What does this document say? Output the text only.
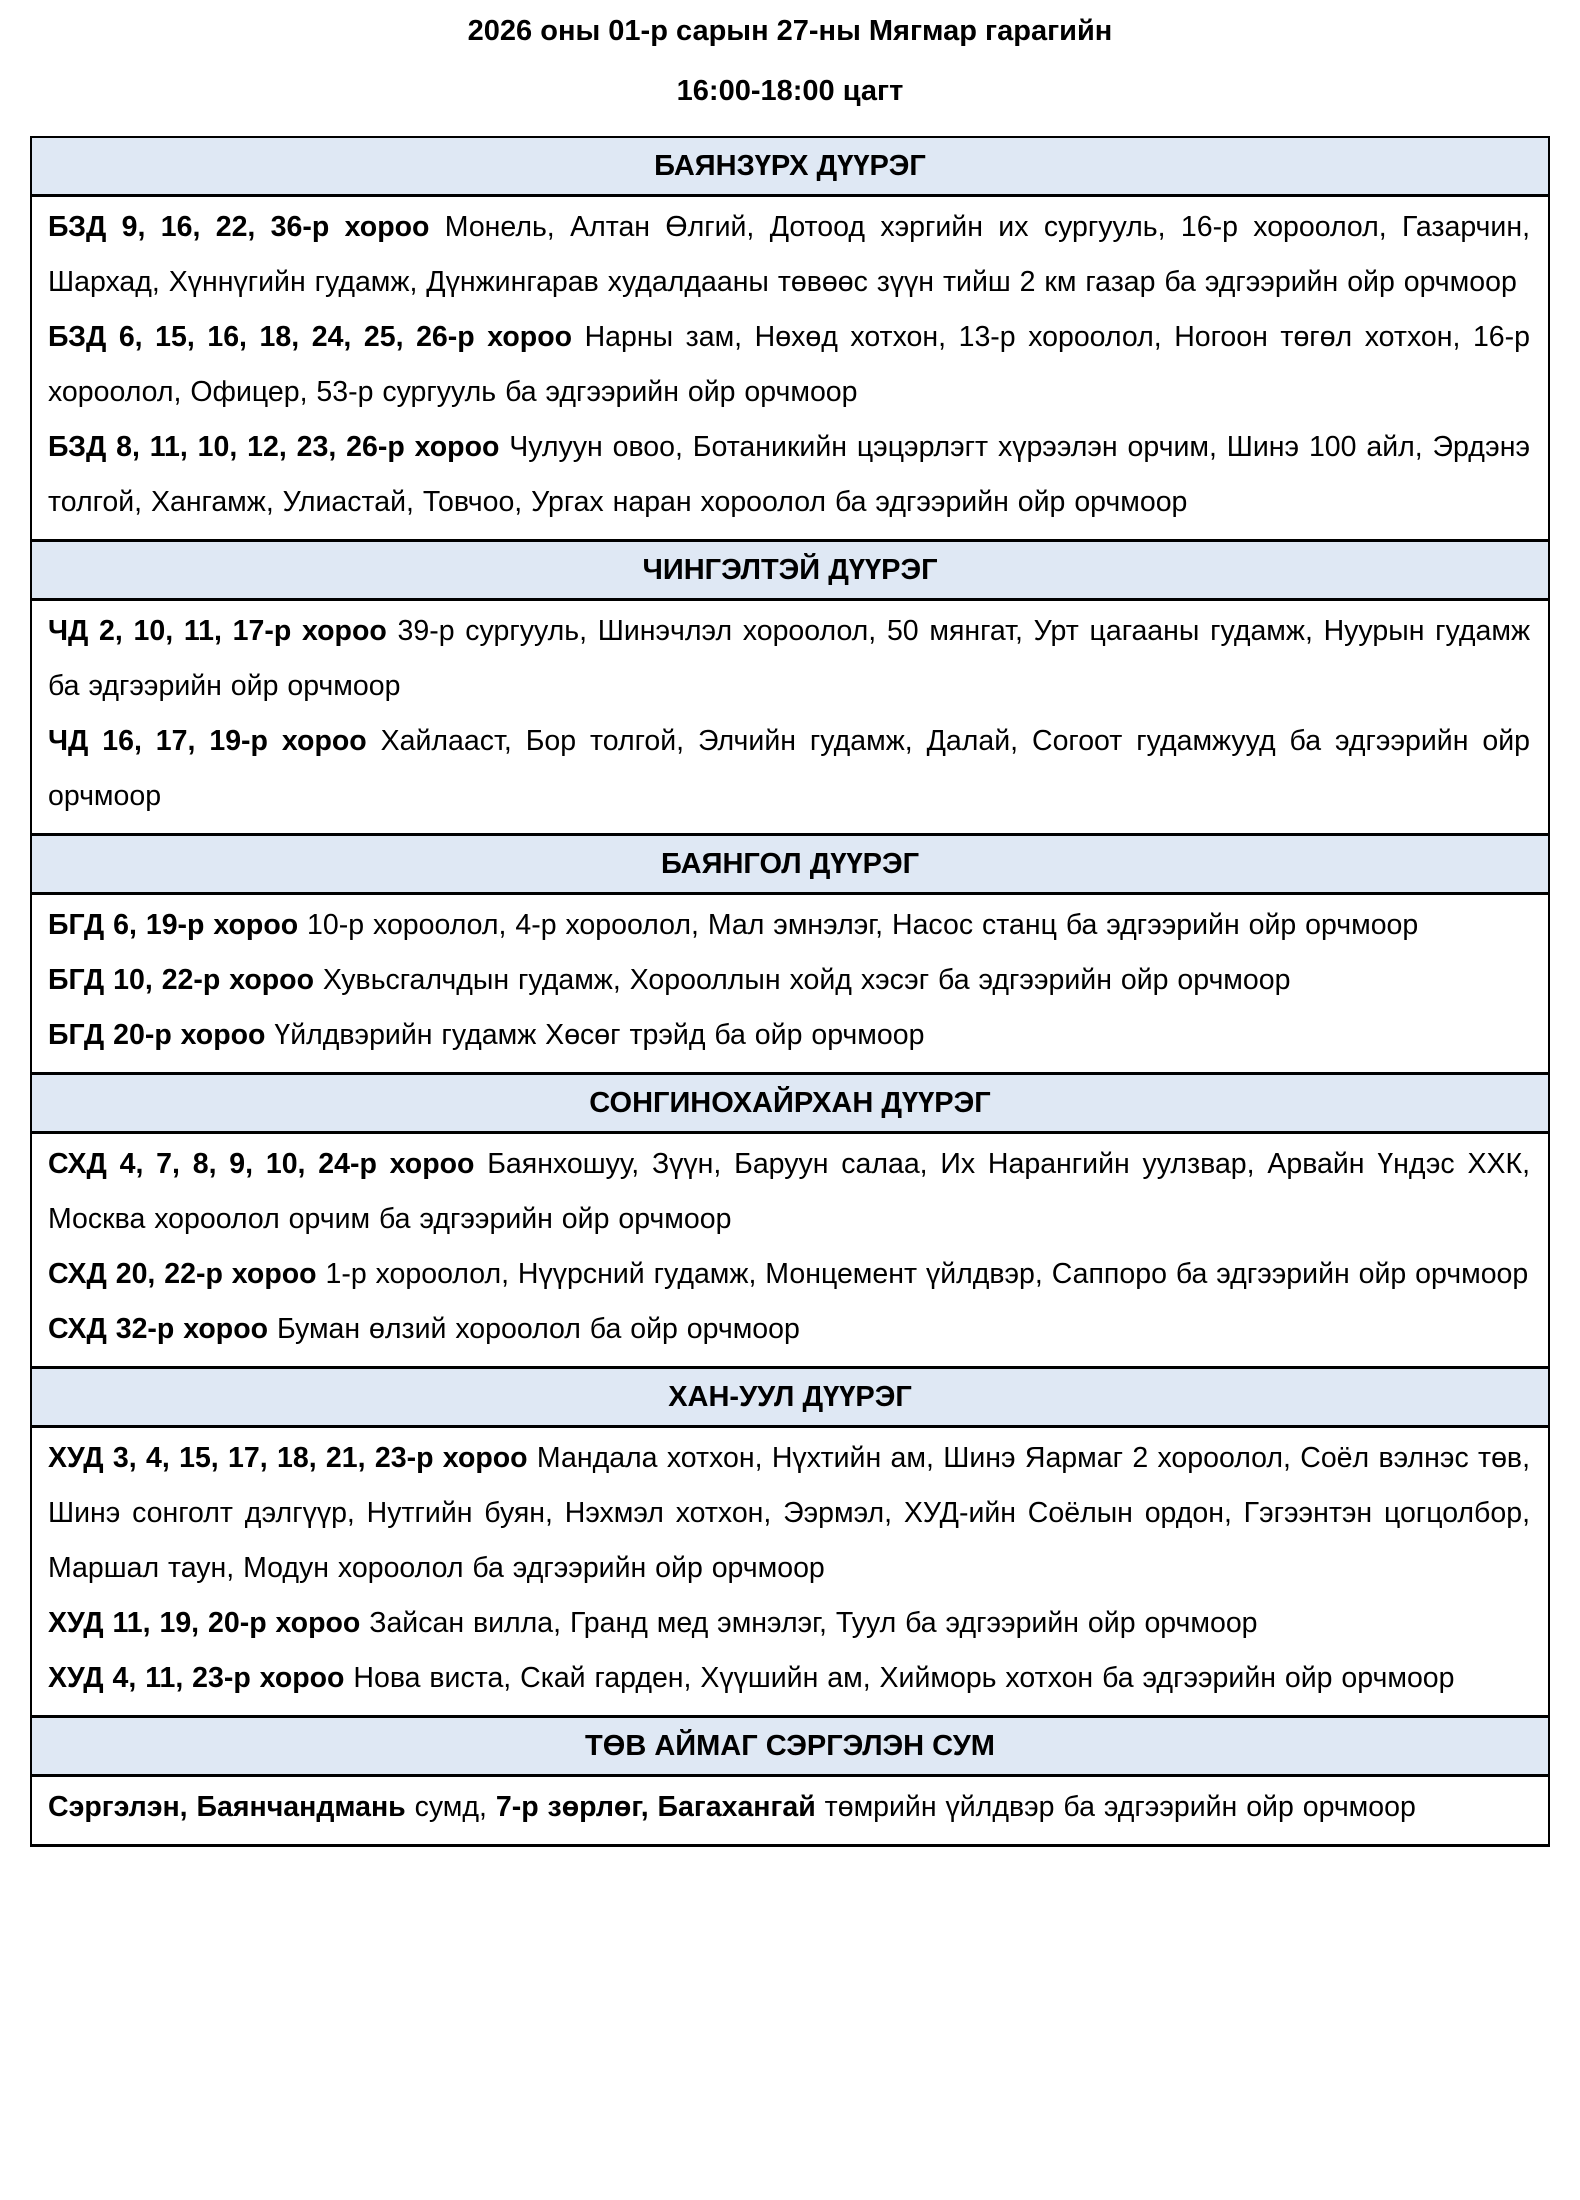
2026 оны 01-р сарын 27-ны Мягмар гарагийн

16:00-18:00 цагт

БАЯНЗҮРХ ДҮҮРЭГ

БЗД 9, 16, 22, 36-р хороо Монель, Алтан Өлгий, Дотоод хэргийн их сургууль, 16-р хороолол, Газарчин, Шархад, Хүннүгийн гудамж, Дүнжингарав худалдааны төвөөс зүүн тийш 2 км газар ба эдгээрийн ойр орчмоор

БЗД 6, 15, 16, 18, 24, 25, 26-р хороо Нарны зам, Нөхөд хотхон, 13-р хороолол, Ногоон төгөл хотхон, 16-р хороолол, Офицер, 53-р сургууль ба эдгээрийн ойр орчмоор

БЗД 8, 11, 10, 12, 23, 26-р хороо Чулуун овоо, Ботаникийн цэцэрлэгт хүрээлэн орчим, Шинэ 100 айл, Эрдэнэ толгой, Хангамж, Улиастай, Товчоо, Ургах наран хороолол ба эдгээрийн ойр орчмоор

ЧИНГЭЛТЭЙ ДҮҮРЭГ

ЧД 2, 10, 11, 17-р хороо 39-р сургууль, Шинэчлэл хороолол, 50 мянгат, Урт цагааны гудамж, Нуурын гудамж ба эдгээрийн ойр орчмоор

ЧД 16, 17, 19-р хороо Хайлааст, Бор толгой, Элчийн гудамж, Далай, Согоот гудамжууд ба эдгээрийн ойр орчмоор

БАЯНГОЛ ДҮҮРЭГ

БГД 6, 19-р хороо 10-р хороолол, 4-р хороолол, Мал эмнэлэг, Насос станц ба эдгээрийн ойр орчмоор

БГД 10, 22-р хороо Хувьсгалчдын гудамж, Хорооллын хойд хэсэг ба эдгээрийн ойр орчмоор

БГД 20-р хороо Үйлдвэрийн гудамж Хөсөг трэйд ба ойр орчмоор

СОНГИНОХАЙРХАН ДҮҮРЭГ

СХД 4, 7, 8, 9, 10, 24-р хороо Баянхошуу, Зүүн, Баруун салаа, Их Нарангийн уулзвар, Арвайн Үндэс ХХК, Москва хороолол орчим ба эдгээрийн ойр орчмоор

СХД 20, 22-р хороо 1-р хороолол, Нүүрсний гудамж, Монцемент үйлдвэр, Саппоро ба эдгээрийн ойр орчмоор

СХД 32-р хороо Буман өлзий хороолол ба ойр орчмоор

ХАН-УУЛ ДҮҮРЭГ

ХУД 3, 4, 15, 17, 18, 21, 23-р хороо Мандала хотхон, Нүхтийн ам, Шинэ Яармаг 2 хороолол, Соёл вэлнэс төв, Шинэ сонголт дэлгүүр, Нутгийн буян, Нэхмэл хотхон, Ээрмэл, ХУД-ийн Соёлын ордон, Гэгээнтэн цогцолбор, Маршал таун, Модун хороолол ба эдгээрийн ойр орчмоор

ХУД 11, 19, 20-р хороо Зайсан вилла, Гранд мед эмнэлэг, Туул ба эдгээрийн ойр орчмоор

ХУД 4, 11, 23-р хороо Нова виста, Скай гарден, Хүүшийн ам, Хийморь хотхон ба эдгээрийн ойр орчмоор

ТӨВ АЙМАГ СЭРГЭЛЭН СУМ

Сэргэлэн, Баянчандмань сумд, 7-р зөрлөг, Багахангай төмрийн үйлдвэр ба эдгээрийн ойр орчмоор
